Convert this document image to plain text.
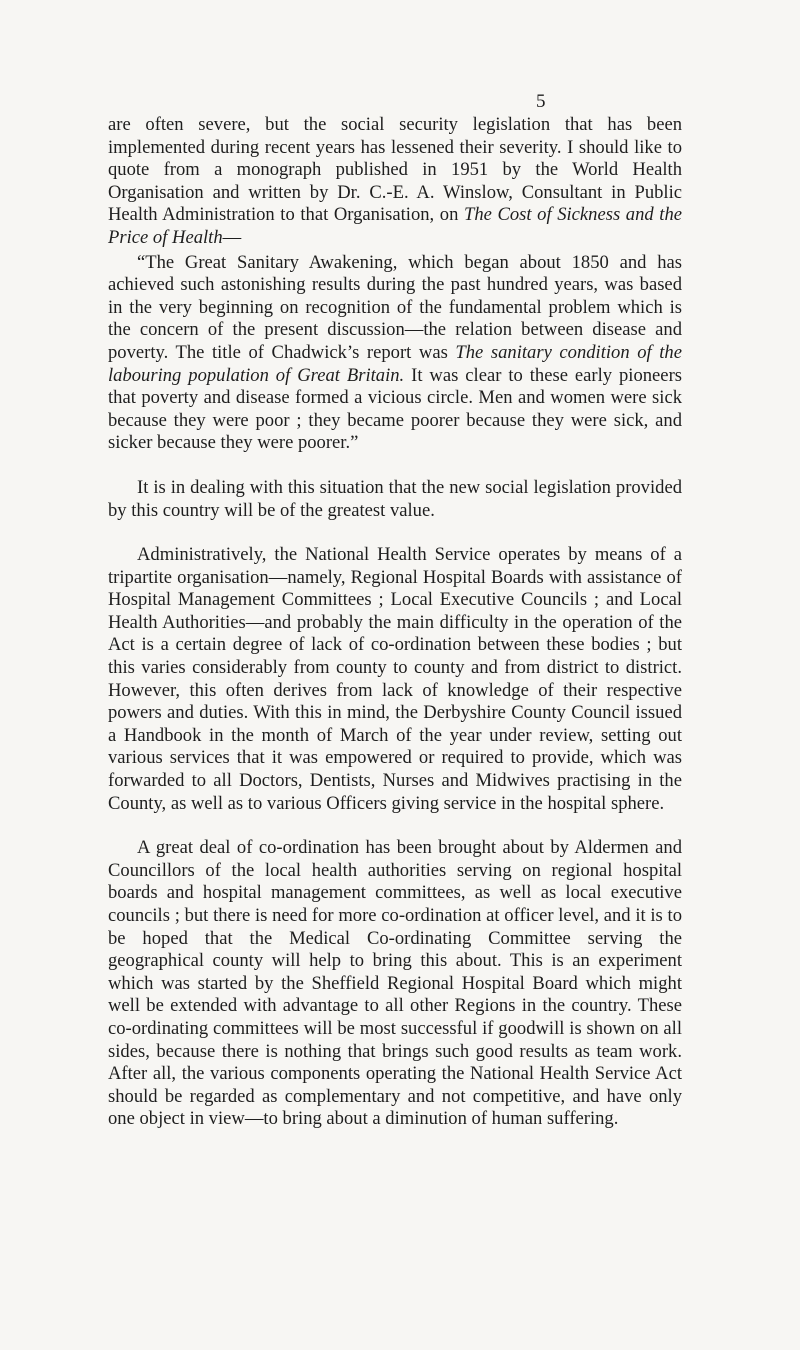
5

are often severe, but the social security legislation that has been implemented during recent years has lessened their severity. I should like to quote from a monograph published in 1951 by the World Health Organisation and written by Dr. C.-E. A. Winslow, Consultant in Public Health Administration to that Organisation, on The Cost of Sickness and the Price of Health—

“The Great Sanitary Awakening, which began about 1850 and has achieved such astonishing results during the past hundred years, was based in the very beginning on recognition of the fundamental problem which is the concern of the present discussion—the relation between disease and poverty. The title of Chadwick’s report was The sanitary condition of the labouring population of Great Britain. It was clear to these early pioneers that poverty and disease formed a vicious circle. Men and women were sick because they were poor ; they became poorer because they were sick, and sicker because they were poorer.”

It is in dealing with this situation that the new social legislation provided by this country will be of the greatest value.

Administratively, the National Health Service operates by means of a tripartite organisation—namely, Regional Hospital Boards with assistance of Hospital Management Committees ; Local Executive Councils ; and Local Health Authorities—and probably the main difficulty in the operation of the Act is a certain degree of lack of co-ordination between these bodies ; but this varies considerably from county to county and from district to district. However, this often derives from lack of knowledge of their respective powers and duties. With this in mind, the Derbyshire County Council issued a Handbook in the month of March of the year under review, setting out various services that it was empowered or required to provide, which was forwarded to all Doctors, Dentists, Nurses and Midwives practising in the County, as well as to various Officers giving service in the hospital sphere.

A great deal of co-ordination has been brought about by Aldermen and Councillors of the local health authorities serving on regional hospital boards and hospital management committees, as well as local executive councils ; but there is need for more co-ordination at officer level, and it is to be hoped that the Medical Co-ordinating Committee serving the geographical county will help to bring this about. This is an experiment which was started by the Sheffield Regional Hospital Board which might well be extended with advantage to all other Regions in the country. These co-ordinating committees will be most successful if goodwill is shown on all sides, because there is nothing that brings such good results as team work. After all, the various components operating the National Health Service Act should be regarded as complementary and not competitive, and have only one object in view—to bring about a diminution of human suffering.
